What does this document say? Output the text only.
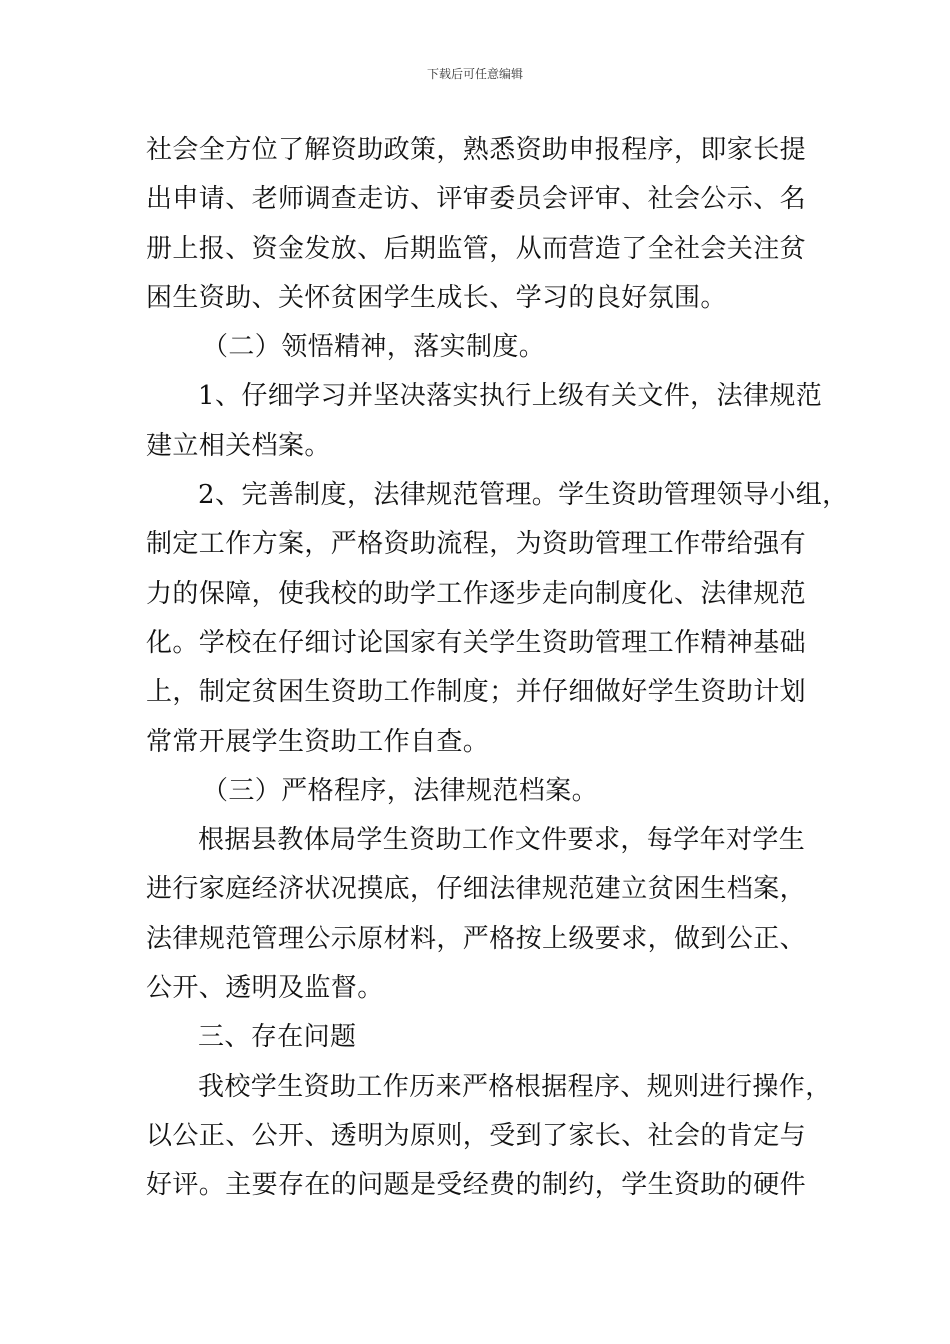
下载后可任意编辑
社会全方位了解资助政策，熟悉资助申报程序，即家长提
出申请、老师调查走访、评审委员会评审、社会公示、名
册上报、资金发放、后期监管，从而营造了全社会关注贫
困生资助、关怀贫困学生成长、学习的良好氛围。
（二）领悟精神，落实制度。
1、仔细学习并坚决落实执行上级有关文件，法律规范
建立相关档案。
2、完善制度，法律规范管理。学生资助管理领导小组，
制定工作方案，严格资助流程，为资助管理工作带给强有
力的保障，使我校的助学工作逐步走向制度化、法律规范
化。学校在仔细讨论国家有关学生资助管理工作精神基础
上，制定贫困生资助工作制度；并仔细做好学生资助计划
常常开展学生资助工作自查。
（三）严格程序，法律规范档案。
根据县教体局学生资助工作文件要求，每学年对学生
进行家庭经济状况摸底，仔细法律规范建立贫困生档案，
法律规范管理公示原材料，严格按上级要求，做到公正、
公开、透明及监督。
三、存在问题
我校学生资助工作历来严格根据程序、规则进行操作，
以公正、公开、透明为原则，受到了家长、社会的肯定与
好评。主要存在的问题是受经费的制约，学生资助的硬件
